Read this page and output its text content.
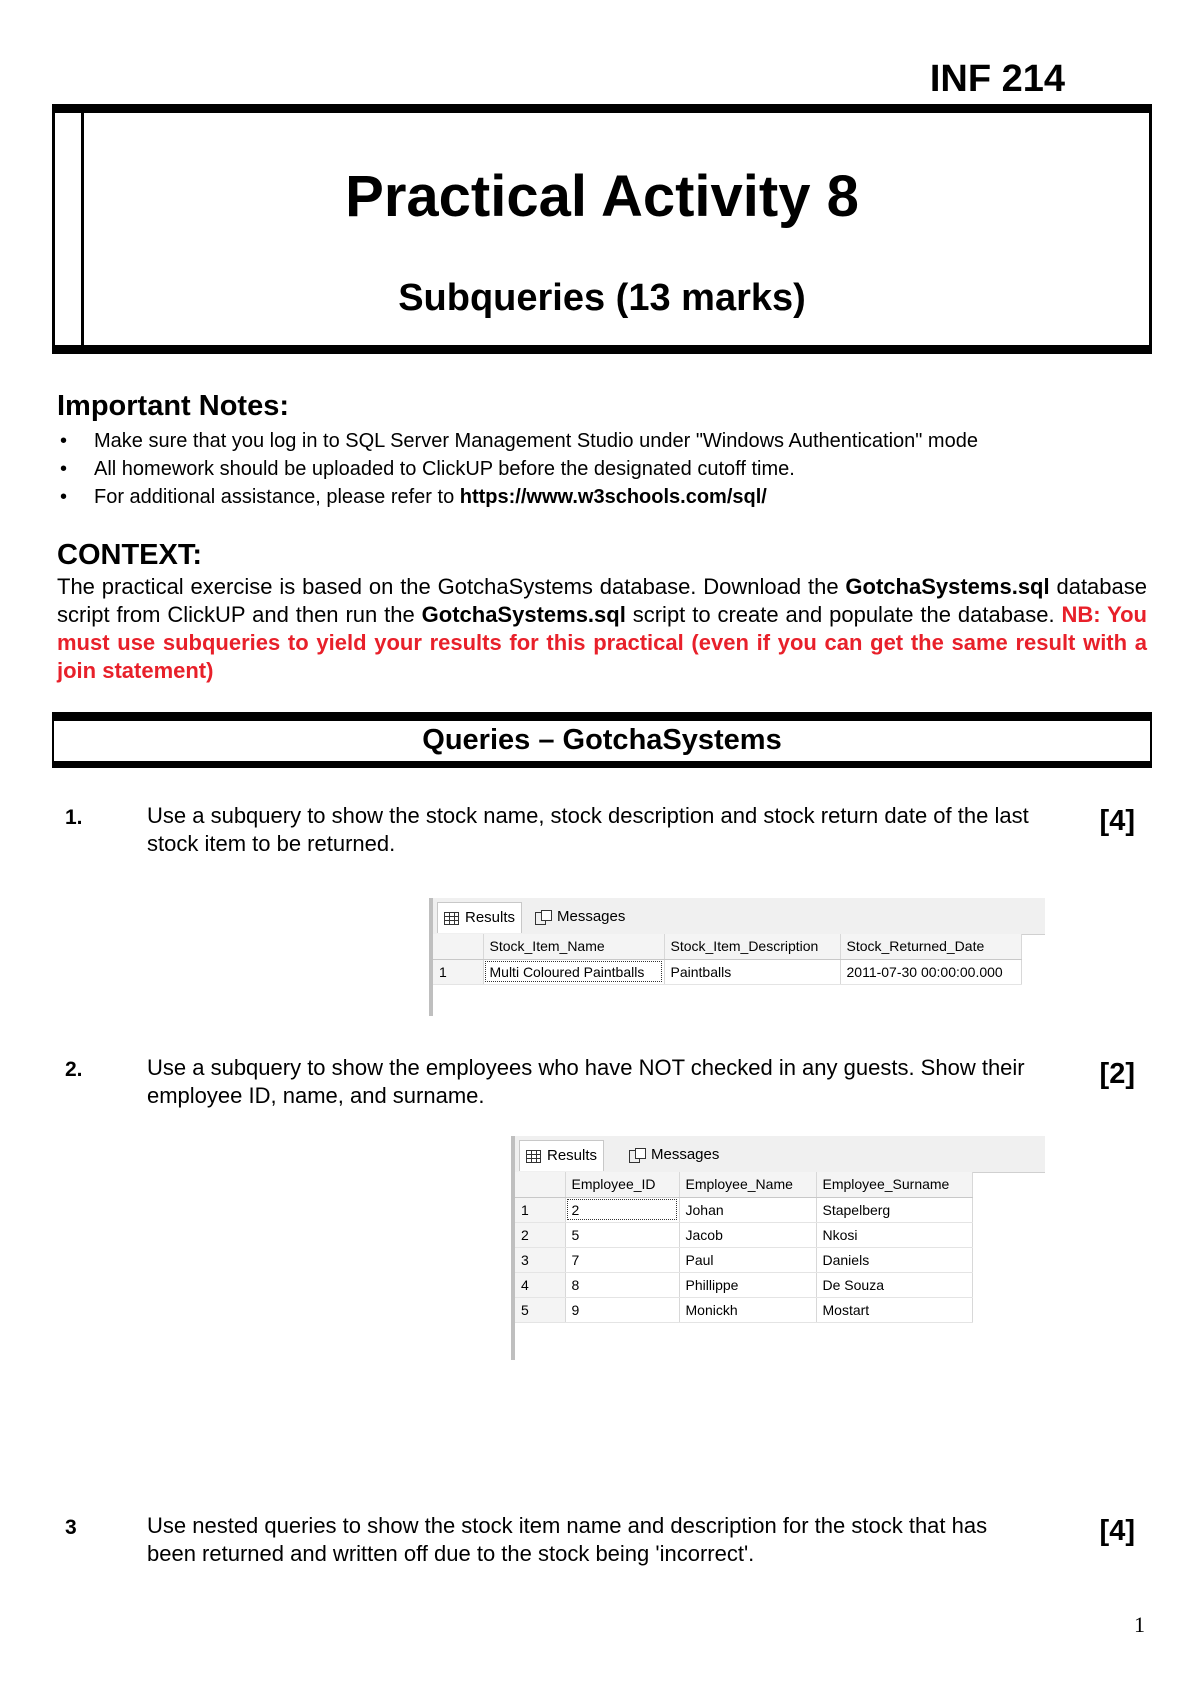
INF 214
Practical Activity 8
Subqueries (13 marks)
Important Notes:
• Make sure that you log in to SQL Server Management Studio under "Windows Authentication" mode
• All homework should be uploaded to ClickUP before the designated cutoff time.
• For additional assistance, please refer to https://www.w3schools.com/sql/
CONTEXT:
The practical exercise is based on the GotchaSystems database. Download the GotchaSystems.sql database script from ClickUP and then run the GotchaSystems.sql script to create and populate the database. NB: You must use subqueries to yield your results for this practical (even if you can get the same result with a join statement)
Queries – GotchaSystems
1.	Use a subquery to show the stock name, stock description and stock return date of the last stock item to be returned.
[4]
Results	Messages
	Stock_Item_Name	Stock_Item_Description	Stock_Returned_Date
1	Multi Coloured Paintballs	Paintballs	2011-07-30 00:00:00.000
2.	Use a subquery to show the employees who have NOT checked in any guests. Show their employee ID, name, and surname.
[2]
Results	Messages
	Employee_ID	Employee_Name	Employee_Surname
1	2	Johan	Stapelberg
2	5	Jacob	Nkosi
3	7	Paul	Daniels
4	8	Phillippe	De Souza
5	9	Monickh	Mostart
3	Use nested queries to show the stock item name and description for the stock that has been returned and written off due to the stock being 'incorrect'.
[4]
1
